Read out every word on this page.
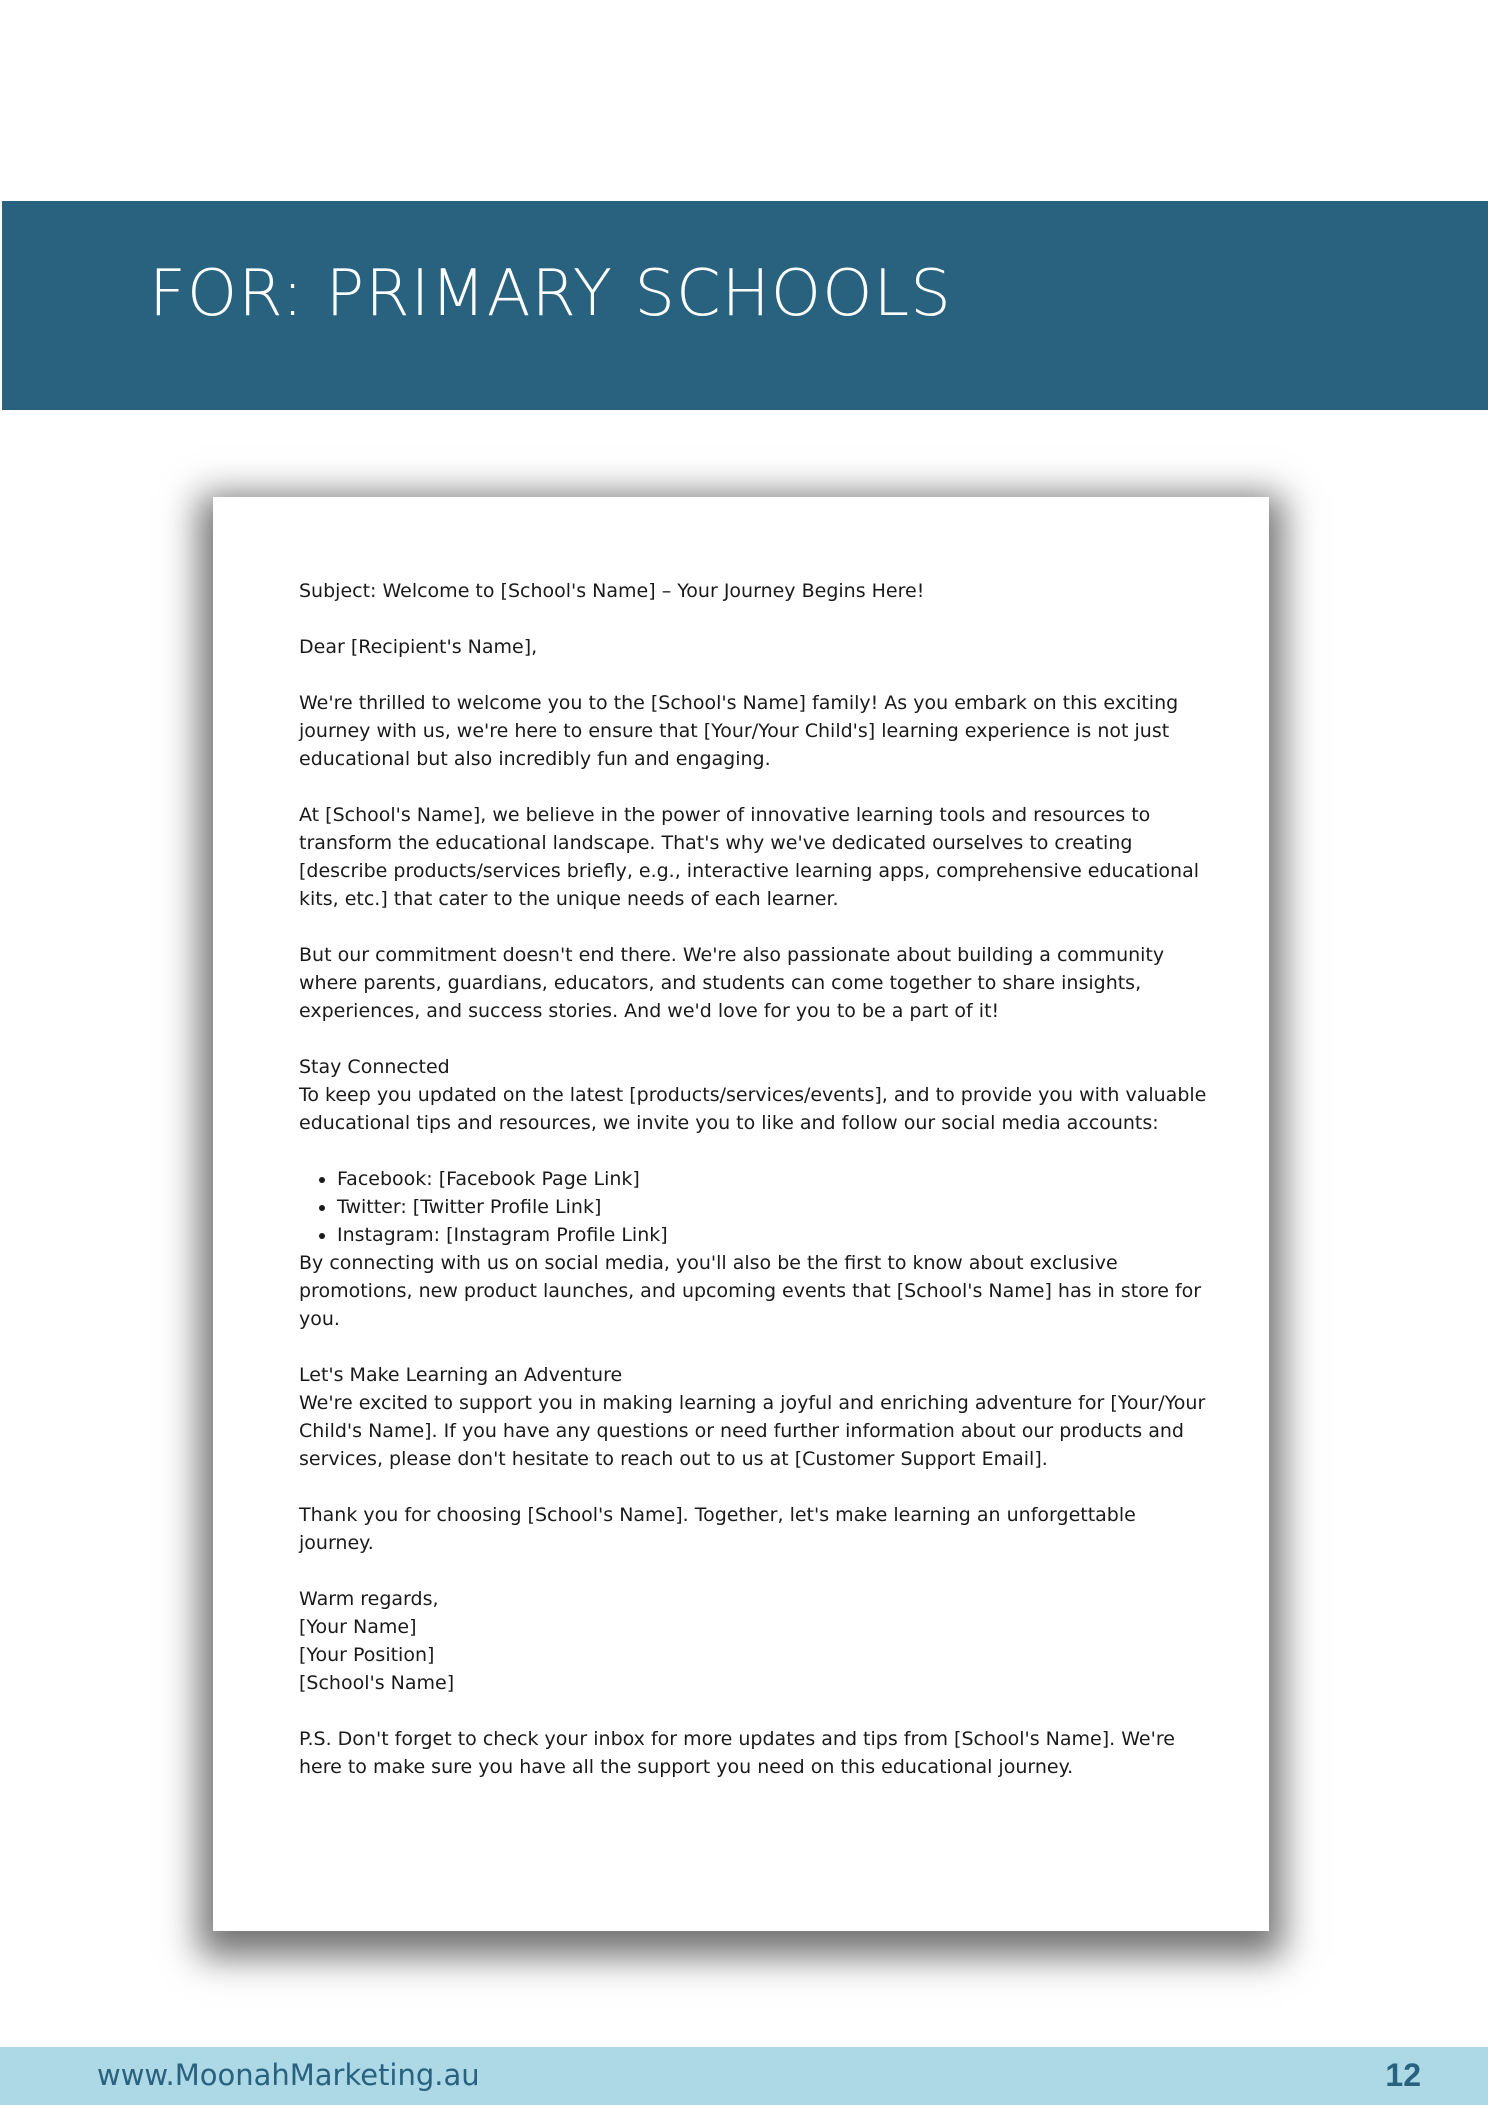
FOR: PRIMARY SCHOOLS

Subject: Welcome to [School's Name] – Your Journey Begins Here!

Dear [Recipient's Name],

We're thrilled to welcome you to the [School's Name] family! As you embark on this exciting journey with us, we're here to ensure that [Your/Your Child's] learning experience is not just educational but also incredibly fun and engaging.

At [School's Name], we believe in the power of innovative learning tools and resources to transform the educational landscape. That's why we've dedicated ourselves to creating [describe products/services briefly, e.g., interactive learning apps, comprehensive educational kits, etc.] that cater to the unique needs of each learner.

But our commitment doesn't end there. We're also passionate about building a community where parents, guardians, educators, and students can come together to share insights, experiences, and success stories. And we'd love for you to be a part of it!

Stay Connected

To keep you updated on the latest [products/services/events], and to provide you with valuable educational tips and resources, we invite you to like and follow our social media accounts:

• Facebook: [Facebook Page Link]
• Twitter: [Twitter Profile Link]
• Instagram: [Instagram Profile Link]

By connecting with us on social media, you'll also be the first to know about exclusive promotions, new product launches, and upcoming events that [School's Name] has in store for you.

Let's Make Learning an Adventure

We're excited to support you in making learning a joyful and enriching adventure for [Your/Your Child's Name]. If you have any questions or need further information about our products and services, please don't hesitate to reach out to us at [Customer Support Email].

Thank you for choosing [School's Name]. Together, let's make learning an unforgettable journey.

Warm regards,
[Your Name]
[Your Position]
[School's Name]

P.S. Don't forget to check your inbox for more updates and tips from [School's Name]. We're here to make sure you have all the support you need on this educational journey.

www.MoonahMarketing.au	12
